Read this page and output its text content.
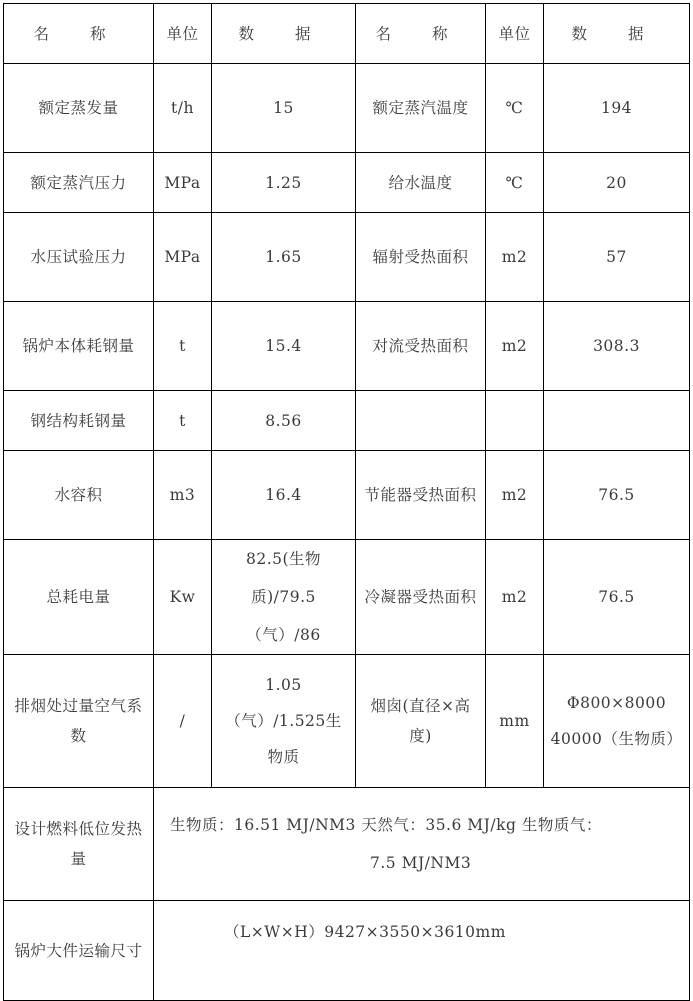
名 称	单位	数 据	名 称	单位	数 据
额定蒸发量	t/h	15	额定蒸汽温度	℃	194
额定蒸汽压力	MPa	1.25	给水温度	℃	20
水压试验压力	MPa	1.65	辐射受热面积	m2	57
锅炉本体耗钢量	t	15.4	对流受热面积	m2	308.3
钢结构耗钢量	t	8.56			
水容积	m3	16.4	节能器受热面积	m2	76.5
总耗电量	Kw	82.5(生物质)/79.5（气）/86	冷凝器受热面积	m2	76.5
排烟处过量空气系数	/	1.05（气）/1.525生物质	烟囱(直径×高度)	mm	Φ800×8000 40000（生物质）
设计燃料低位发热量	生物质：16.51 MJ/NM3 天然气：35.6 MJ/kg 生物质气：
7.5 MJ/NM3				

锅炉大件运输尺寸	（L×W×H）9427×3550×3610mm				
